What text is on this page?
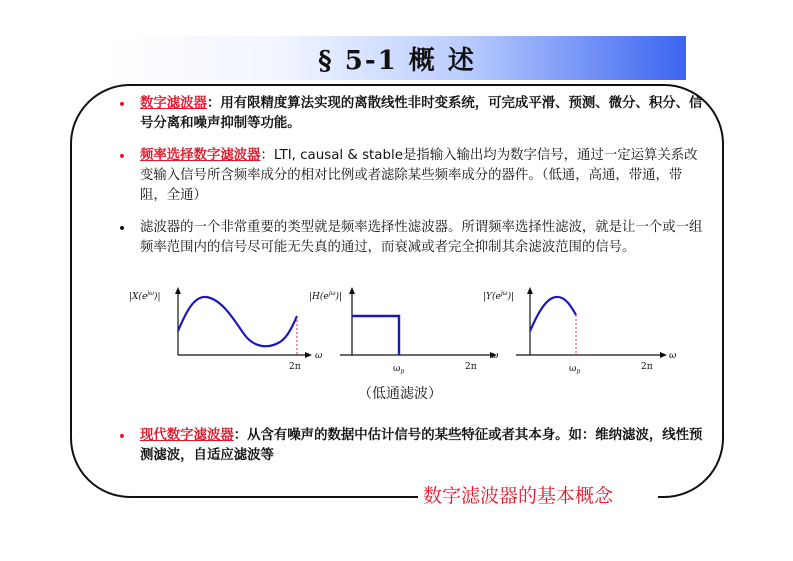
§ 5-1 概 述
数字滤波器的基本概念
• 数字滤波器：用有限精度算法实现的离散线性非时变系统，可完成平滑、预测、微分、积分、信号分离和噪声抑制等功能。
• 频率选择数字滤波器：LTI, causal & stable是指输入输出均为数字信号，通过一定运算关系改变输入信号所含频率成分的相对比例或者滤除某些频率成分的器件。（低通，高通，带通，带阻，全通）
• 滤波器的一个非常重要的类型就是频率选择性滤波器。所谓频率选择性滤波，就是让一个或一组频率范围内的信号尽可能无失真的通过，而衰减或者完全抑制其余滤波范围的信号。
$|X(e^{j\omega})|$
ω
2π
$|H(e^{j\omega})|$
ω
$\omega_p$	2π
$|Y(e^{j\omega})|$
ω
$\omega_p$	2π
（低通滤波）
• 现代数字滤波器：从含有噪声的数据中估计信号的某些特征或者其本身。如：维纳滤波，线性预测滤波，自适应滤波等
